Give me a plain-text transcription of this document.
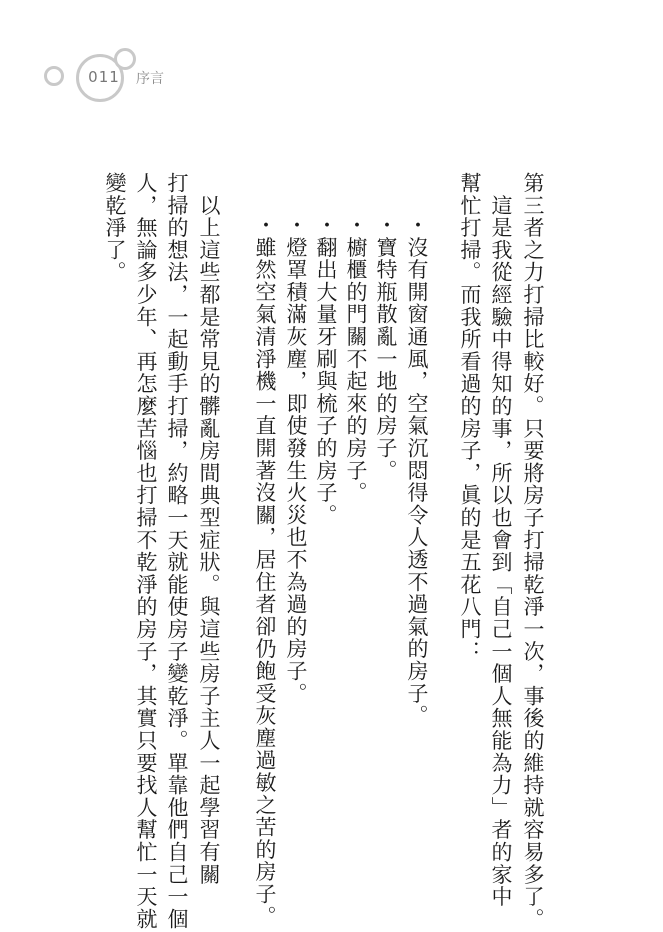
011	序言
第三者之力打掃比較好。只要將房子打掃乾淨一次，事後的維持就容易多了。
　這是我從經驗中得知的事，所以也會到「自己一個人無能為力」者的家中
幫忙打掃。而我所看過的房子，眞的是五花八門：
・沒有開窗通風，空氣沉悶得令人透不過氣的房子。
・寶特瓶散亂一地的房子。
・櫥櫃的門關不起來的房子。
・翻出大量牙刷與梳子的房子。
・燈罩積滿灰塵，即使發生火災也不為過的房子。
・雖然空氣清淨機一直開著沒關，居住者卻仍飽受灰塵過敏之苦的房子。
　以上這些都是常見的髒亂房間典型症狀。與這些房子主人一起學習有關
打掃的想法，一起動手打掃，約略一天就能使房子變乾淨。單靠他們自己一個
人，無論多少年、再怎麼苦惱也打掃不乾淨的房子，其實只要找人幫忙一天就
變乾淨了。
